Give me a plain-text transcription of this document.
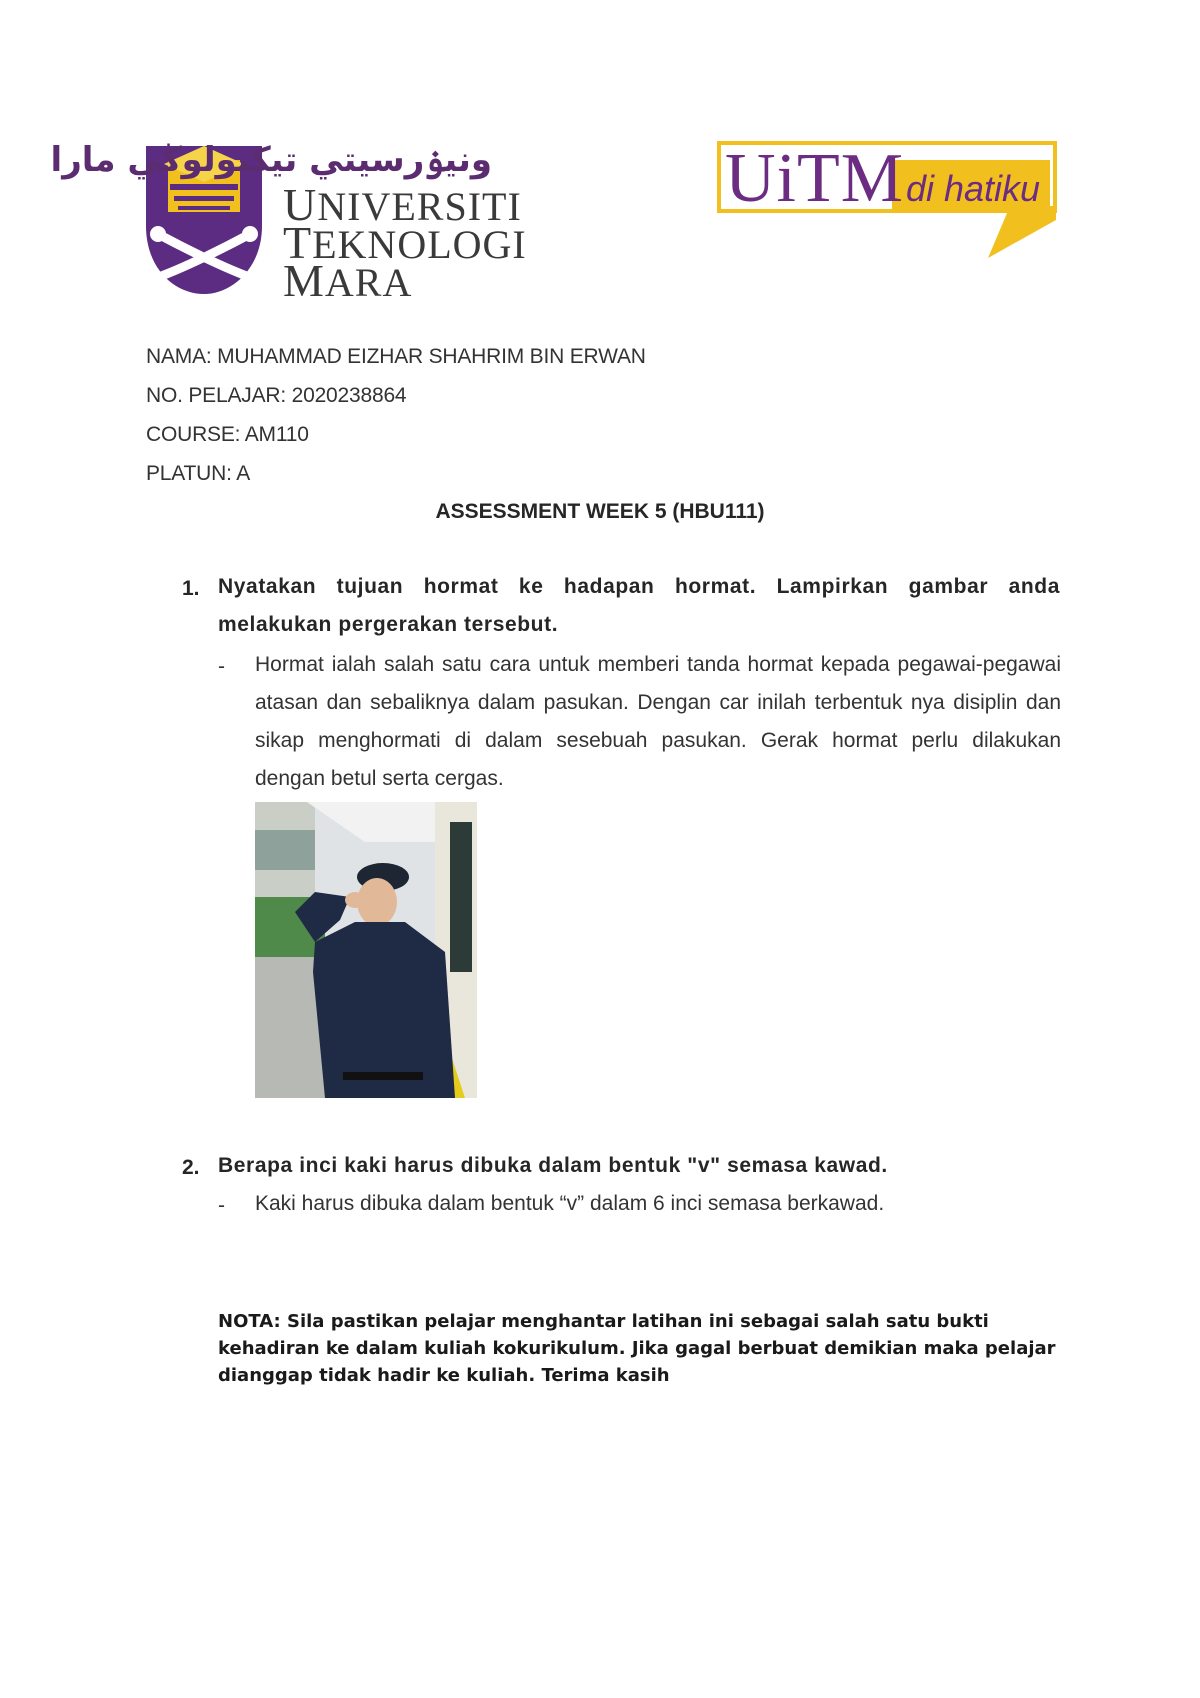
ونيۏرسيتي تيكنولوڬي مارا
UNIVERSITI
TEKNOLOGI
MARA
UiTM di hatiku
NAMA: MUHAMMAD EIZHAR SHAHRIM BIN ERWAN
NO. PELAJAR: 2020238864
COURSE: AM110
PLATUN: A
ASSESSMENT WEEK 5 (HBU111)
1. Nyatakan tujuan hormat ke hadapan hormat. Lampirkan gambar anda melakukan pergerakan tersebut.
- Hormat ialah salah satu cara untuk memberi tanda hormat kepada pegawai-pegawai atasan dan sebaliknya dalam pasukan. Dengan car inilah terbentuk nya disiplin dan sikap menghormati di dalam sesebuah pasukan. Gerak hormat perlu dilakukan dengan betul serta cergas.
2. Berapa inci kaki harus dibuka dalam bentuk "v" semasa kawad.
- Kaki harus dibuka dalam bentuk “v” dalam 6 inci semasa berkawad.
NOTA: Sila pastikan pelajar menghantar latihan ini sebagai salah satu bukti kehadiran ke dalam kuliah kokurikulum. Jika gagal berbuat demikian maka pelajar dianggap tidak hadir ke kuliah. Terima kasih
